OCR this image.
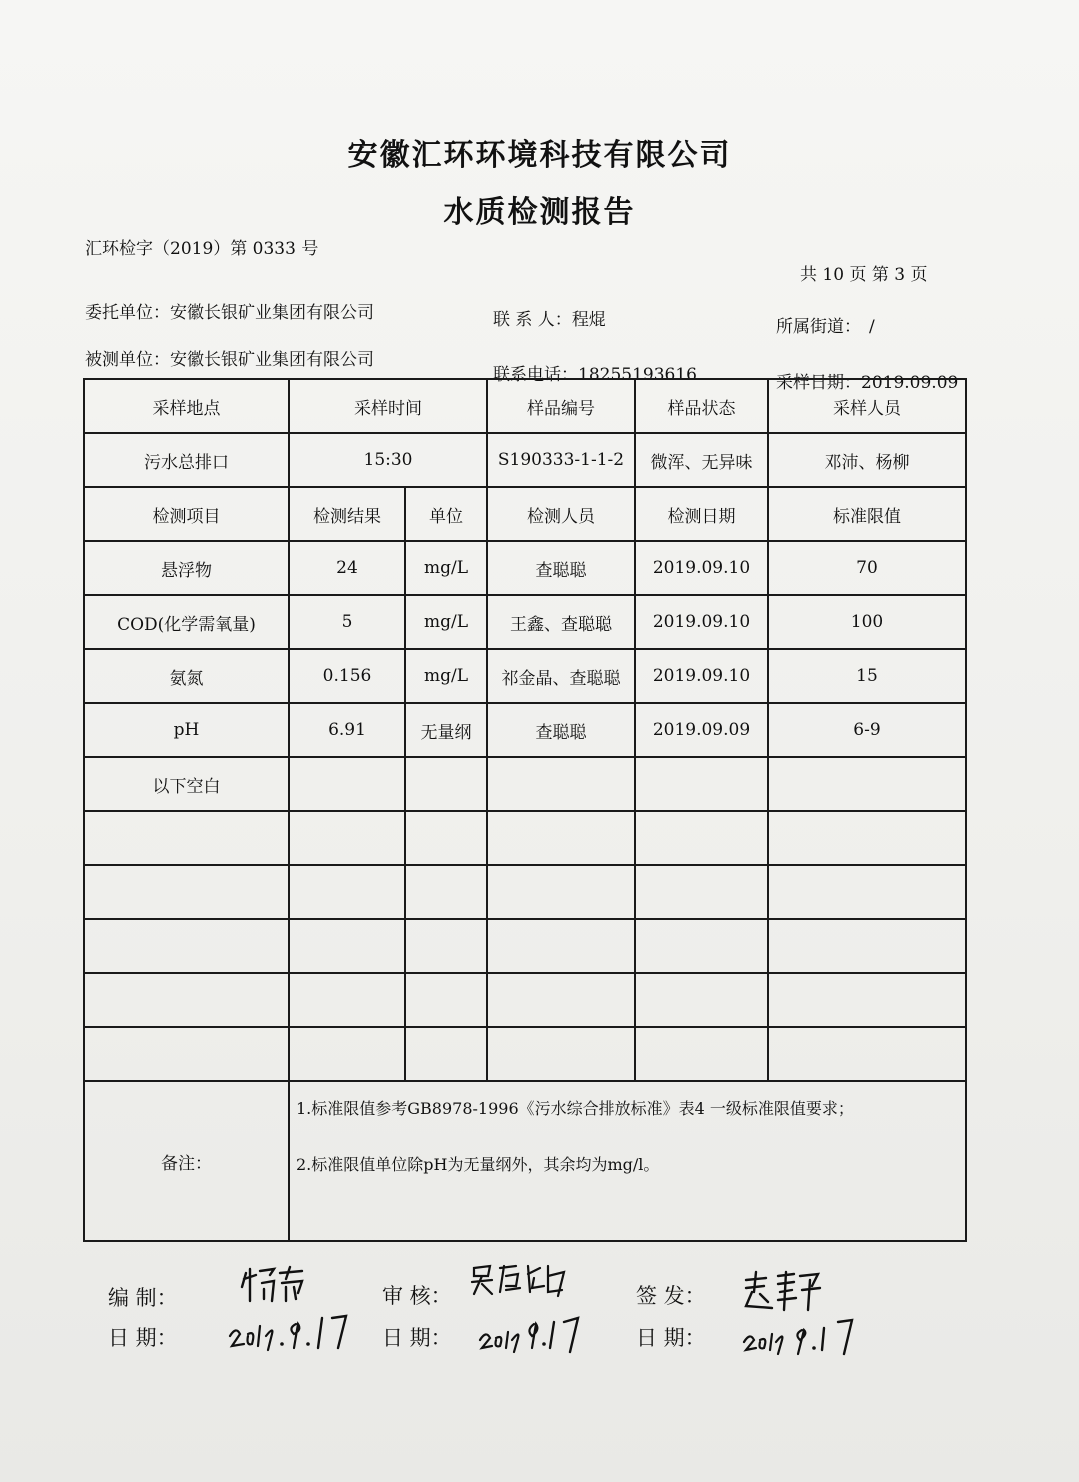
安徽汇环环境科技有限公司
水质检测报告
汇环检字（2019）第 0333 号
共 10 页 第 3 页
委托单位：安徽长银矿业集团有限公司	联 系 人：程焜	所属街道： /
被测单位：安徽长银矿业集团有限公司
联系电话：18255193616	采样日期：2019.09.09
采样地点	采样时间		样品编号	样品状态	采样人员
污水总排口	15:30		S190333-1-1-2	微浑、无异味	邓沛、杨柳
检测项目	检测结果	单位	检测人员	检测日期	标准限值
悬浮物	24	mg/L	查聪聪	2019.09.10	70
COD(化学需氧量)	5	mg/L	王鑫、查聪聪	2019.09.10	100
氨氮	0.156	mg/L	祁金晶、查聪聪	2019.09.10	15
pH	6.91	无量纲	查聪聪	2019.09.09	6-9
以下空白					

备注：	1.标准限值参考GB8978-1996《污水综合排放标准》表4 一级标准限值要求；
2.标准限值单位除pH为无量纲外，其余均为mg/l。				
编 制：	审 核：	签 发：
日 期：	日 期：	日 期：
